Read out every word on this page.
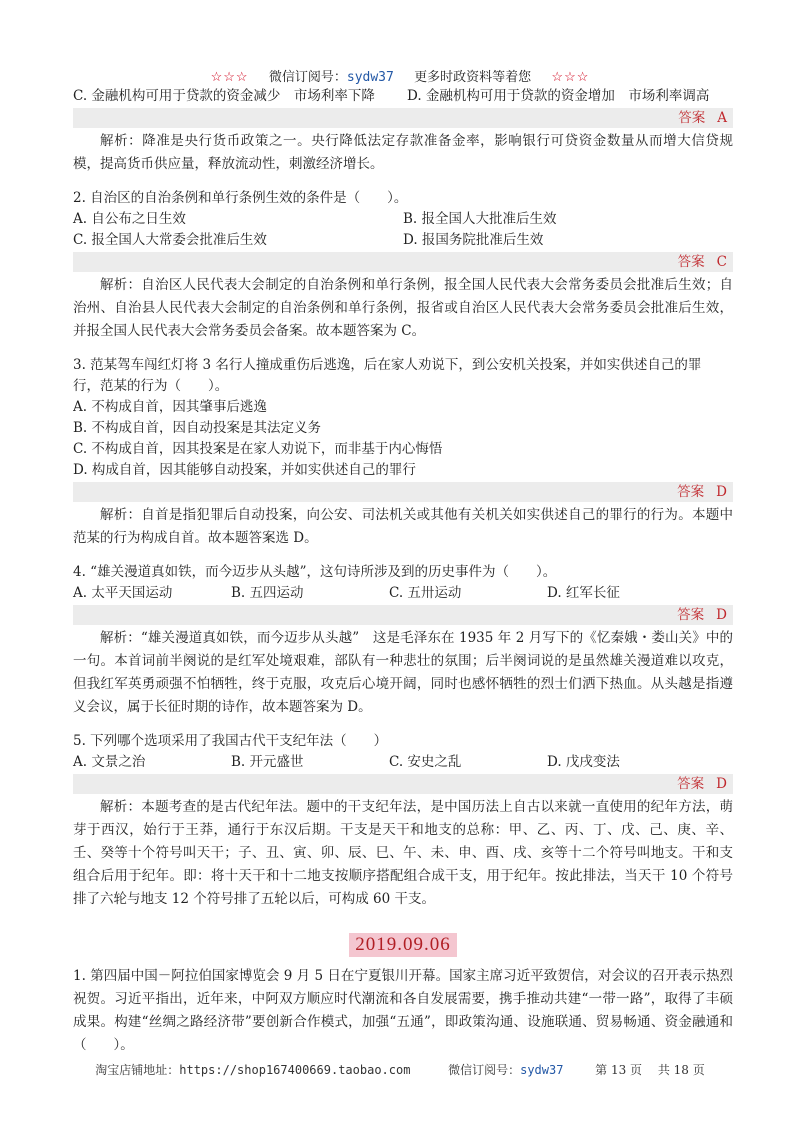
☆☆☆ 微信订阅号：sydw37 更多时政资料等着您 ☆☆☆
C. 金融机构可用于贷款的资金减少　市场利率下降	D. 金融机构可用于贷款的资金增加　市场利率调高
答案 A
解析：降准是央行货币政策之一。央行降低法定存款准备金率，影响银行可贷资金数量从而增大信贷规模，提高货币供应量，释放流动性，刺激经济增长。
2. 自治区的自治条例和单行条例生效的条件是（　　）。
A. 自公布之日生效	B. 报全国人大批准后生效
C. 报全国人大常委会批准后生效	D. 报国务院批准后生效
答案 C
解析：自治区人民代表大会制定的自治条例和单行条例，报全国人民代表大会常务委员会批准后生效；自治州、自治县人民代表大会制定的自治条例和单行条例，报省或自治区人民代表大会常务委员会批准后生效，并报全国人民代表大会常务委员会备案。故本题答案为 C。
3. 范某驾车闯红灯将 3 名行人撞成重伤后逃逸，后在家人劝说下，到公安机关投案，并如实供述自己的罪
行，范某的行为（　　）。
A. 不构成自首，因其肇事后逃逸
B. 不构成自首，因自动投案是其法定义务
C. 不构成自首，因其投案是在家人劝说下，而非基于内心悔悟
D. 构成自首，因其能够自动投案，并如实供述自己的罪行
答案 D
解析：自首是指犯罪后自动投案，向公安、司法机关或其他有关机关如实供述自己的罪行的行为。本题中范某的行为构成自首。故本题答案选 D。
4. “雄关漫道真如铁，而今迈步从头越”，这句诗所涉及到的历史事件为（　　）。
A. 太平天国运动	B. 五四运动	C. 五卅运动	D. 红军长征
答案 D
解析：“雄关漫道真如铁，而今迈步从头越”　这是毛泽东在 1935 年 2 月写下的《忆秦娥・娄山关》中的一句。本首词前半阕说的是红军处境艰难，部队有一种悲壮的氛围；后半阕词说的是虽然雄关漫道难以攻克，但我红军英勇顽强不怕牺牲，终于克服，攻克后心境开阔，同时也感怀牺牲的烈士们洒下热血。从头越是指遵义会议，属于长征时期的诗作，故本题答案为 D。
5. 下列哪个选项采用了我国古代干支纪年法（　　）
A. 文景之治	B. 开元盛世	C. 安史之乱	D. 戊戌变法
答案 D
解析：本题考查的是古代纪年法。题中的干支纪年法，是中国历法上自古以来就一直使用的纪年方法，萌芽于西汉，始行于王莽，通行于东汉后期。干支是天干和地支的总称：甲、乙、丙、丁、戊、己、庚、辛、壬、癸等十个符号叫天干；子、丑、寅、卯、辰、巳、午、未、申、酉、戌、亥等十二个符号叫地支。干和支组合后用于纪年。即：将十天干和十二地支按顺序搭配组合成干支，用于纪年。按此排法，当天干 10 个符号排了六轮与地支 12 个符号排了五轮以后，可构成 60 干支。
2019.09.06
1. 第四届中国－阿拉伯国家博览会 9 月 5 日在宁夏银川开幕。国家主席习近平致贺信，对会议的召开表示热烈祝贺。习近平指出，近年来，中阿双方顺应时代潮流和各自发展需要，携手推动共建“一带一路”，取得了丰硕成果。构建“丝绸之路经济带”要创新合作模式，加强“五通”，即政策沟通、设施联通、贸易畅通、资金融通和（　　）。
淘宝店铺地址：https://shop167400669.taobao.com	微信订阅号：sydw37	第 13 页　 共 18 页
